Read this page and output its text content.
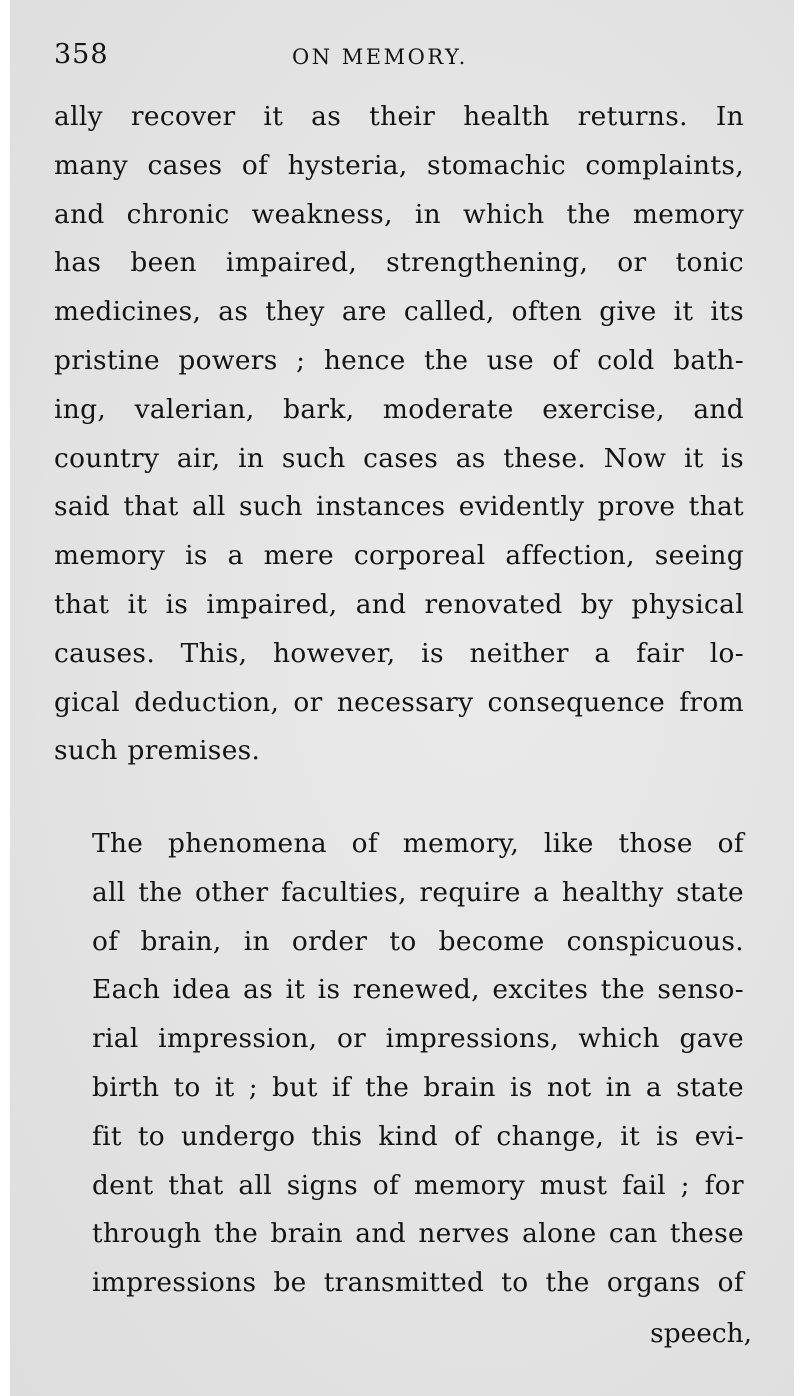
358	ON MEMORY.
ally recover it as their health returns. In
many cases of hysteria, stomachic complaints,
and chronic weakness, in which the memory
has been impaired, strengthening, or tonic
medicines, as they are called, often give it its
pristine powers ; hence the use of cold bath-
ing, valerian, bark, moderate exercise, and
country air, in such cases as these. Now it is
said that all such instances evidently prove that
memory is a mere corporeal affection, seeing
that it is impaired, and renovated by physical
causes. This, however, is neither a fair lo-
gical deduction, or necessary consequence from
such premises.
The phenomena of memory, like those of
all the other faculties, require a healthy state
of brain, in order to become conspicuous.
Each idea as it is renewed, excites the senso-
rial impression, or impressions, which gave
birth to it ; but if the brain is not in a state
fit to undergo this kind of change, it is evi-
dent that all signs of memory must fail ; for
through the brain and nerves alone can these
impressions be transmitted to the organs of
speech,
